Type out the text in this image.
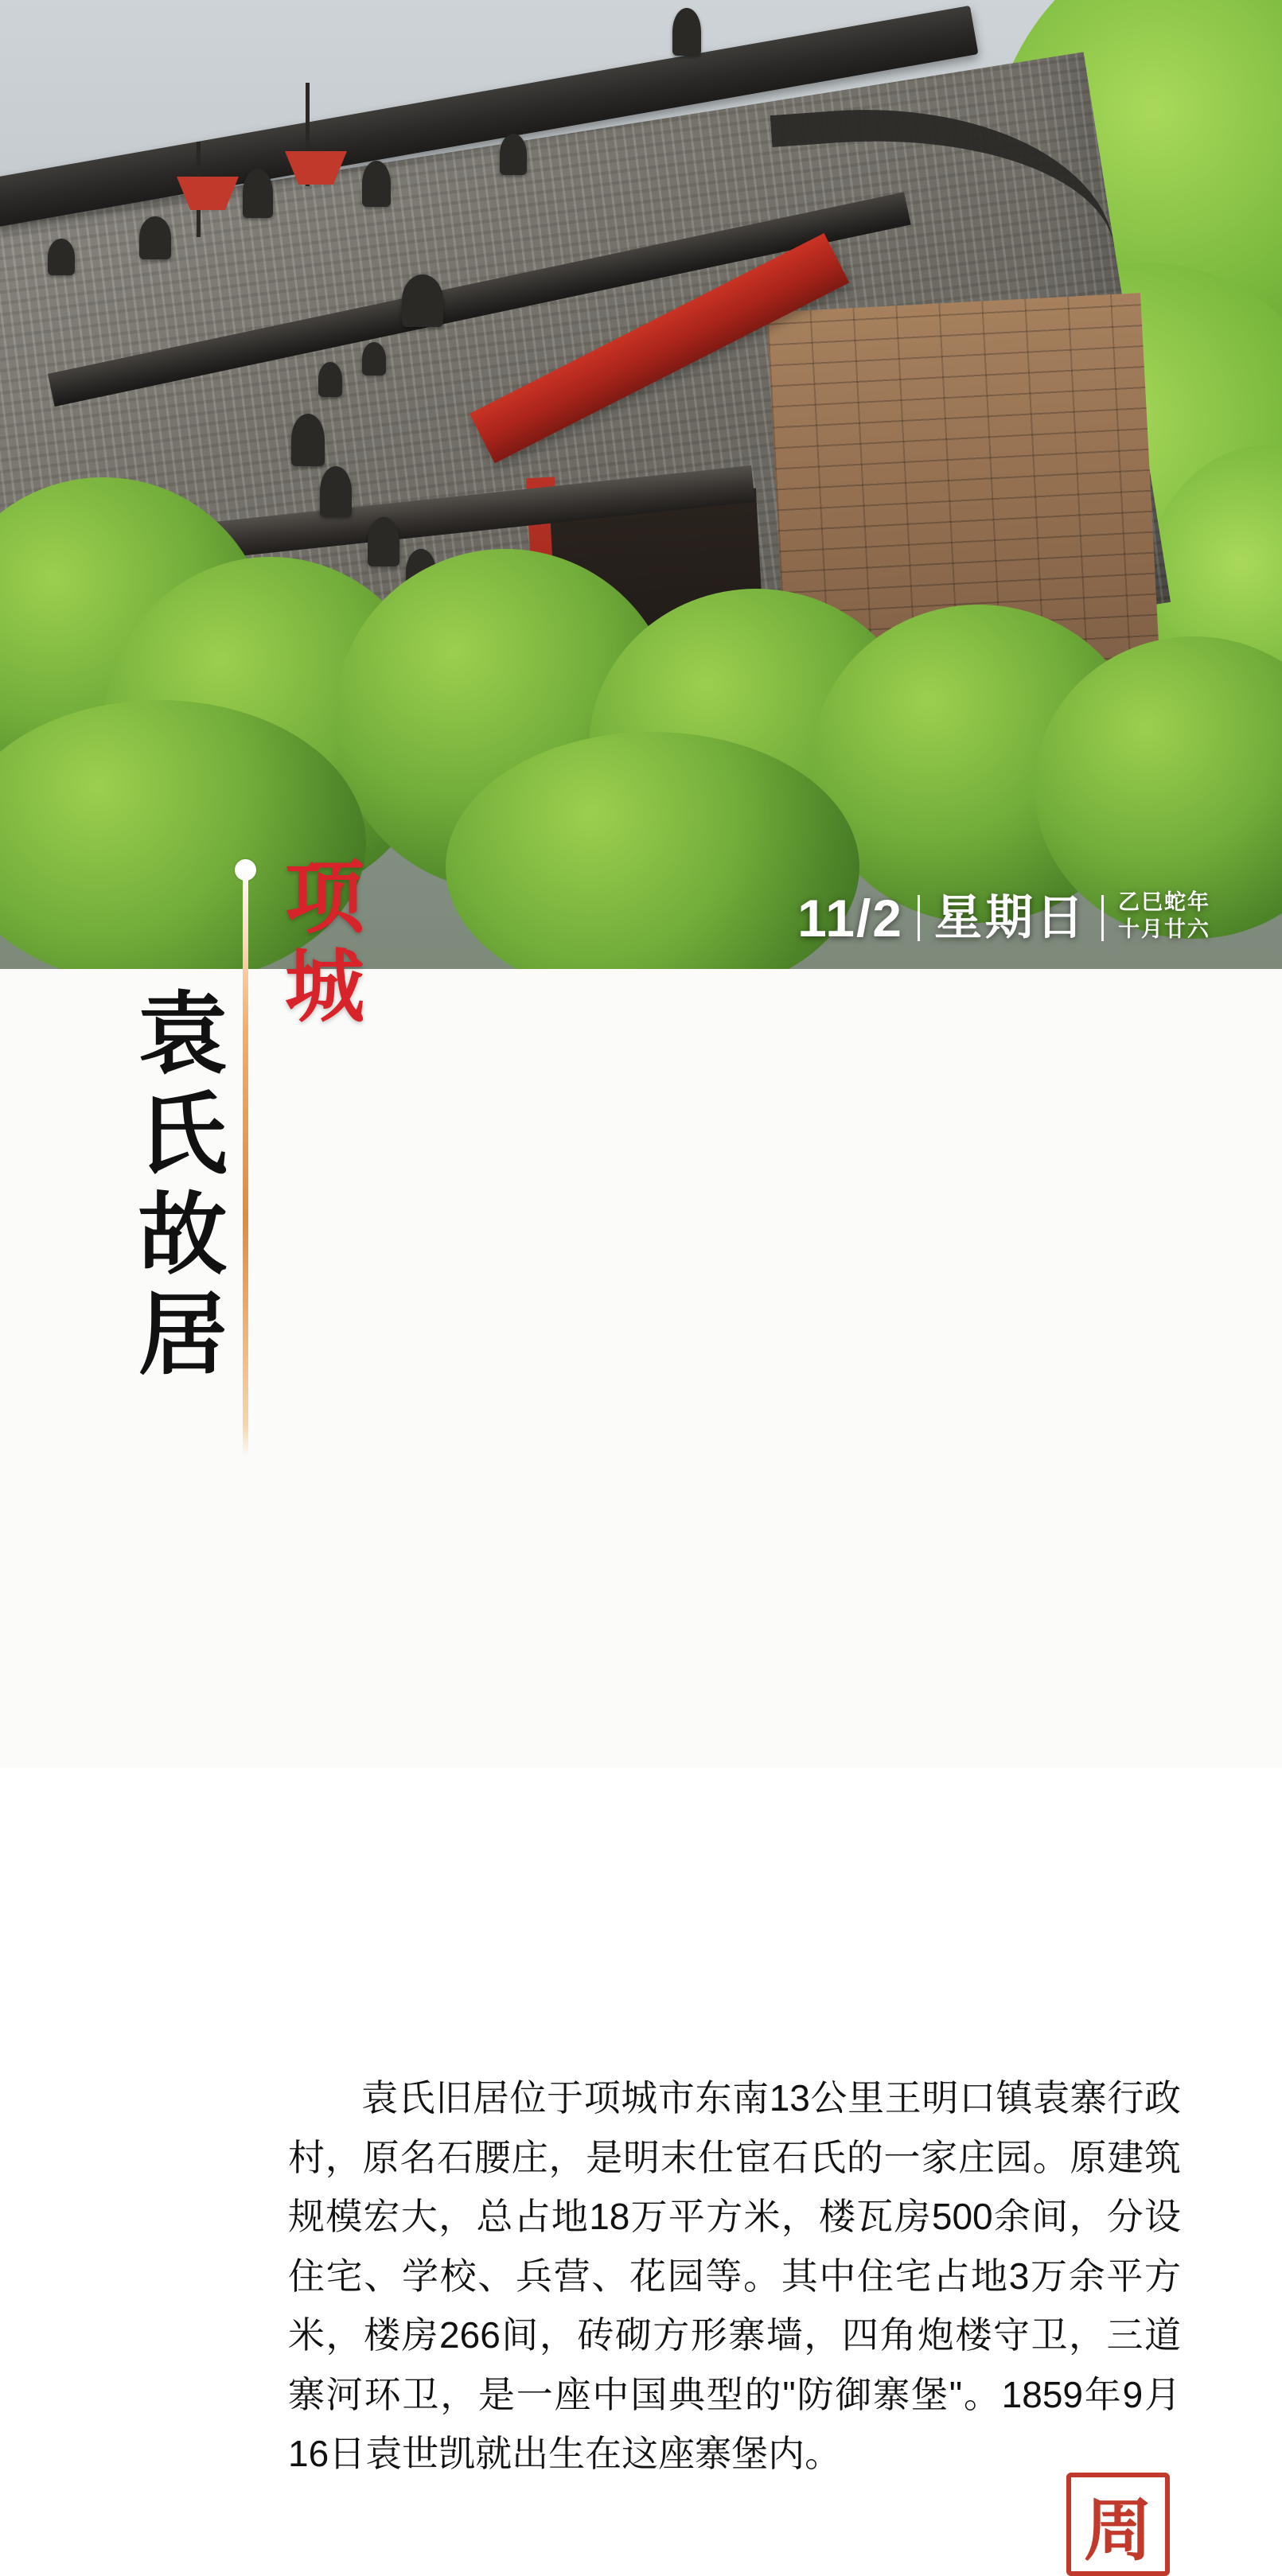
11/2 星期日 乙巳蛇年
十月廿六
袁氏旧居位于项城市东南13公里王明口镇袁寨行政村，原名石腰庄，是明末仕宦石氏的一家庄园。原建筑规模宏大，总占地18万平方米，楼瓦房500余间，分设住宅、学校、兵营、花园等。其中住宅占地3万余平方米，楼房266间，砖砌方形寨墙，四角炮楼守卫，三道寨河环卫，是一座中国典型的"防御寨堡"。1859年9月16日袁世凯就出生在这座寨堡内。
周
项
城
袁氏故居
